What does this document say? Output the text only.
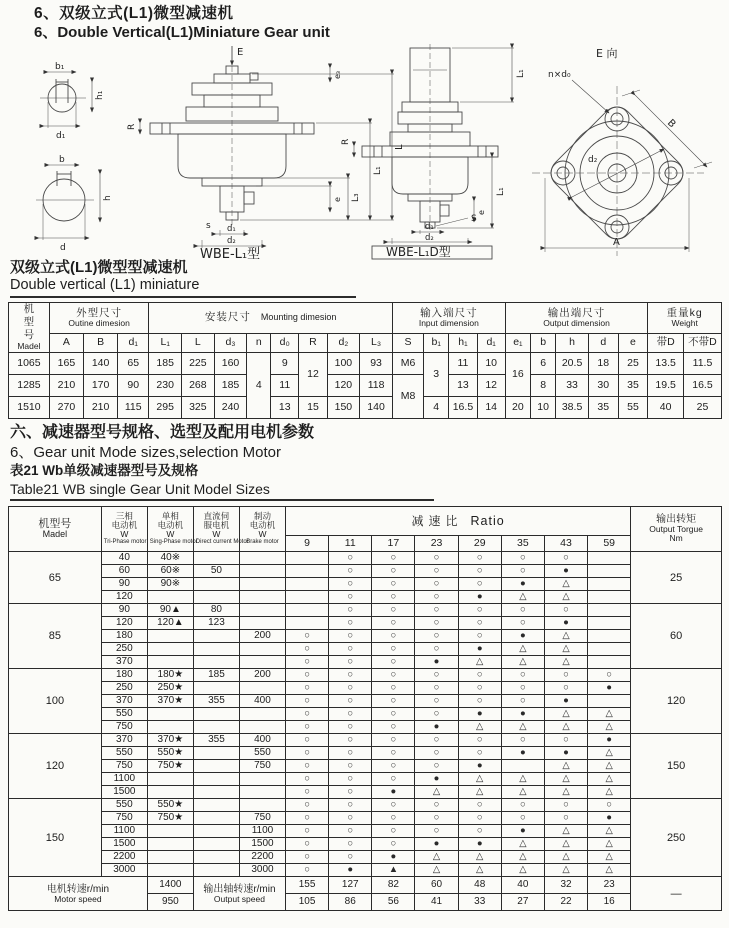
6、双级立式(L1)微型减速机
6、Double Vertical(L1)Miniature Gear unit
b₁
h₁
d₁
b
h
d
E
e₃
R
L
L₁
L₃
e
s d₁
d₂
WBE-L₁型
L₁
R
L₁
e
S
d₁
d₂
WBE-L₁D型
E 向
n×d₀
B
d₂
A
双级立式(L1)微型型减速机
Double vertical (L1) miniature
机型号
Madel	外型尺寸
Outine dimesion			安装尺寸 Mounting dimesion								输入端尺寸
Input dimension				输出端尺寸
Output dimension					重量kg
Weight	

	A	B	d₁	L₁	L	d₃	n	d₀	R	d₂	L₃	S	b₁	h₁	d₁	e₁	b	h	d	e	带D	不带D
1065	165	140	65	185	225	160	4	9	12	100	93	M6	3	11	10	16	6	20.5	18	25	13.5	11.5
1285	210	170	90	230	268	185		11		120	118	M8		13	12		8	33	30	35	19.5	16.5
1510	270	210	115	295	325	240		13	15	150	140		4	16.5	14	20	10	38.5	35	55	40	25
六、减速器型号规格、选型及配用电机参数
6、Gear unit Mode sizes,selection Motor
表21 Wb单级减速器型号及规格
Table21 WB single Gear Unit Model Sizes
机型号
Madel	三相
电动机
W
Tri-Phase motor	单相
电动机
W
Sing-Phase motor	直流伺
服电机
W
Direct current Motor	制动
电动机
W
Brake motor	减速比 Ratio								输出转矩
Output Torgue
Nm

					9	11	17	23	29	35	43	59	
65	40	40※				○	○	○	○	○	○		25
	60	60※	50			○	○	○	○	○	●		
	90	90※				○	○	○	○	●	△		
	120					○	○	○	●	△	△		
85	90	90▲	80			○	○	○	○	○	○		60
	120	120▲	123			○	○	○	○	○	●		
	180			200	○	○	○	○	○	●	△		
	250				○	○	○	○	●	△	△		
	370				○	○	○	●	△	△	△		
100	180	180★	185	200	○	○	○	○	○	○	○	○	120
	250	250★			○	○	○	○	○	○	○	●	
	370	370★	355	400	○	○	○	○	○	○	●		
	550				○	○	○	○	●	●	△	△	
	750				○	○	○	●	△	△	△	△	
120	370	370★	355	400	○	○	○	○	○	○	○	●	150
	550	550★		550	○	○	○	○	○	●	●	△	
	750	750★		750	○	○	○	○	●		△	△	
	1100				○	○	○	●	△	△	△	△	
	1500				○	○	●	△	△	△	△	△	
150	550	550★			○	○	○	○	○	○	○	○	250
	750	750★		750	○	○	○	○	○	○	○	●	
	1100			1100	○	○	○	○	○	●	△	△	
	1500			1500	○	○	○	●	●	△	△	△	
	2200			2200	○	○	●	△	△	△	△	△	
	3000			3000	○	●	▲	△	△	△	△	△	

电机转速r/min
Motor speed		1400	输出轴转速r/min
Output speed		155	127	82	60	48	40	32	23	—
		950			105	86	56	41	33	27	22	16	
